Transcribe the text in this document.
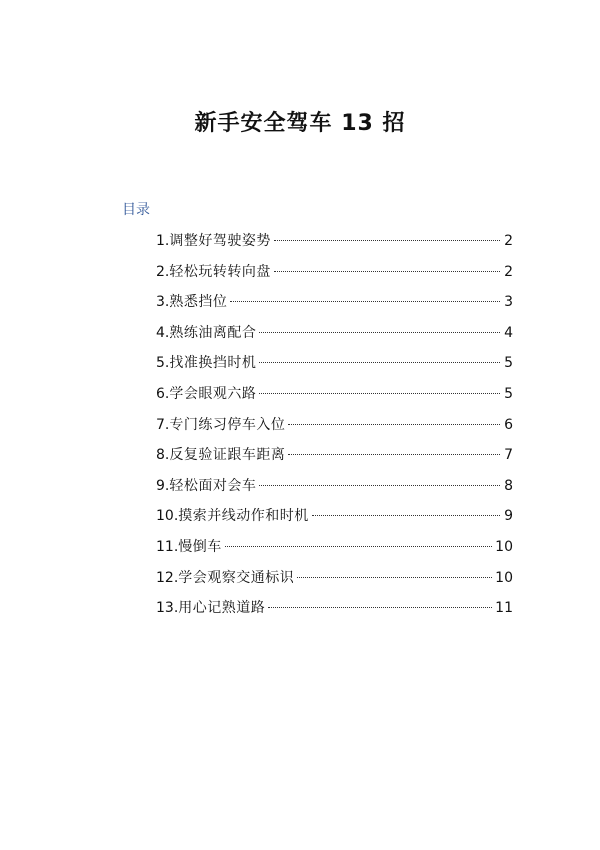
新手安全驾车 13 招
目录
1. 调整好驾驶姿势	2
2. 轻松玩转转向盘	2
3. 熟悉挡位	3
4. 熟练油离配合	4
5. 找准换挡时机	5
6. 学会眼观六路	5
7. 专门练习停车入位	6
8. 反复验证跟车距离	7
9. 轻松面对会车	8
10. 摸索并线动作和时机	9
11. 慢倒车	10
12. 学会观察交通标识	10
13. 用心记熟道路	11
